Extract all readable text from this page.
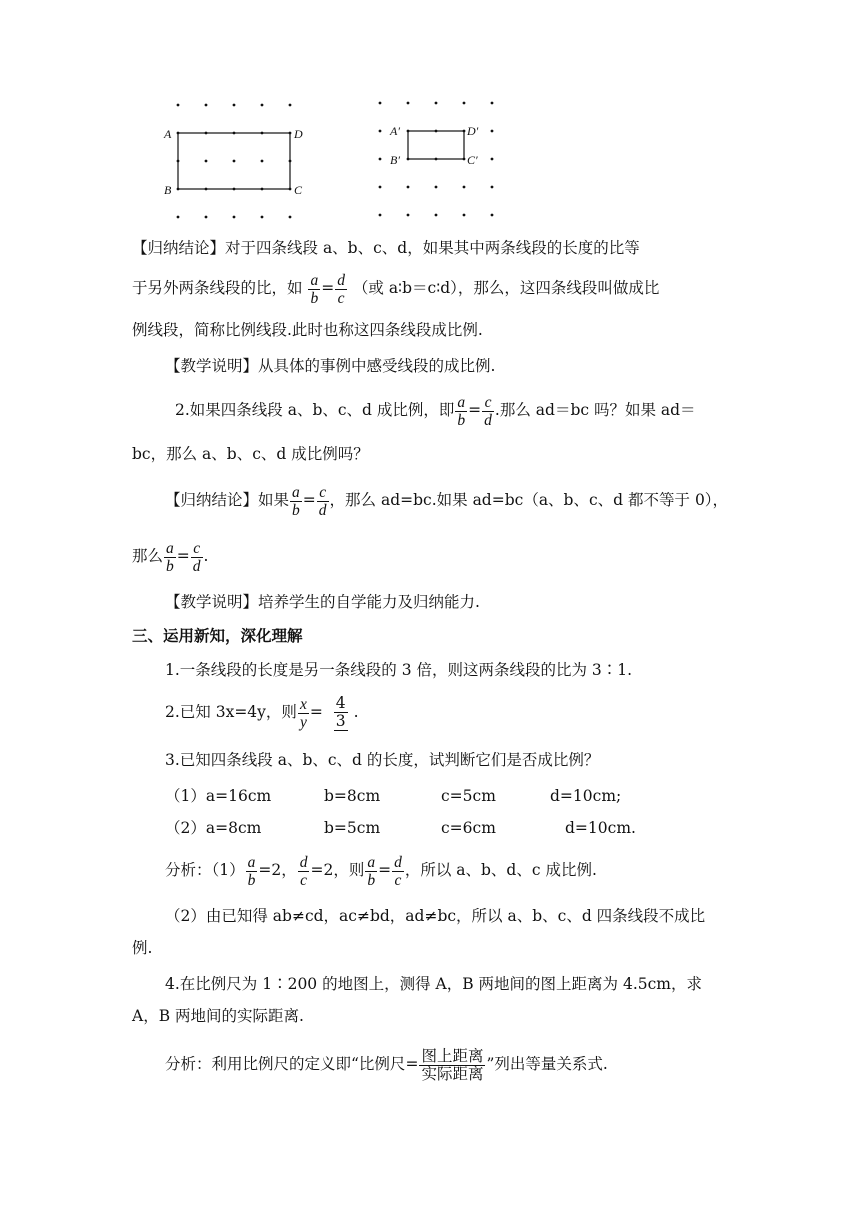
A
B	C
D	A′
B′	C′
D′
【归纳结论】对于四条线段 a、b、c、d，如果其中两条线段的长度的比等
于另外两条线段的比，如 $\frac{a}{b} = \frac{d}{c}$ （或 a∶b＝c∶d），那么，这四条线段叫做成比
例线段，简称比例线段.此时也称这四条线段成比例.
【教学说明】从具体的事例中感受线段的成比例.
2.如果四条线段 a、b、c、d 成比例，即 $\frac{a}{b} = \frac{c}{d}$ .那么 ad＝bc 吗？如果 ad＝
bc，那么 a、b、c、d 成比例吗？
【归纳结论】如果 $\frac{a}{b} = \frac{c}{d}$ ，那么 ad=bc.如果 ad=bc（a、b、c、d 都不等于 0），
那么 $\frac{a}{b} = \frac{c}{d}$ .
【教学说明】培养学生的自学能力及归纳能力.
三、运用新知，深化理解
1.一条线段的长度是另一条线段的 3 倍，则这两条线段的比为 3∶1.
2.已知 3x=4y，则 $\frac{x}{y} = \frac{4}{3}$ .
3.已知四条线段 a、b、c、d 的长度，试判断它们是否成比例？
（1）a=16cm	b=8cm	c=5cm	d=10cm;
（2）a=8cm	b=5cm	c=6cm	d=10cm.
分析：$(1) \frac{a}{b} =2$， $\frac{d}{c} =2$，则 $\frac{a}{b} = \frac{d}{c}$ ，所以 a、b、d、c 成比例.
（2）由已知得 ab≠cd，ac≠bd，ad≠bc，所以 a、b、c、d 四条线段不成比
例.
4.在比例尺为 1∶200 的地图上，测得 A，B 两地间的图上距离为 4.5cm，求
A，B 两地间的实际距离.
分析：利用比例尺的定义即“比例尺= $\frac{\text{图上距离}}{\text{实际距离}}$ ”列出等量关系式.
